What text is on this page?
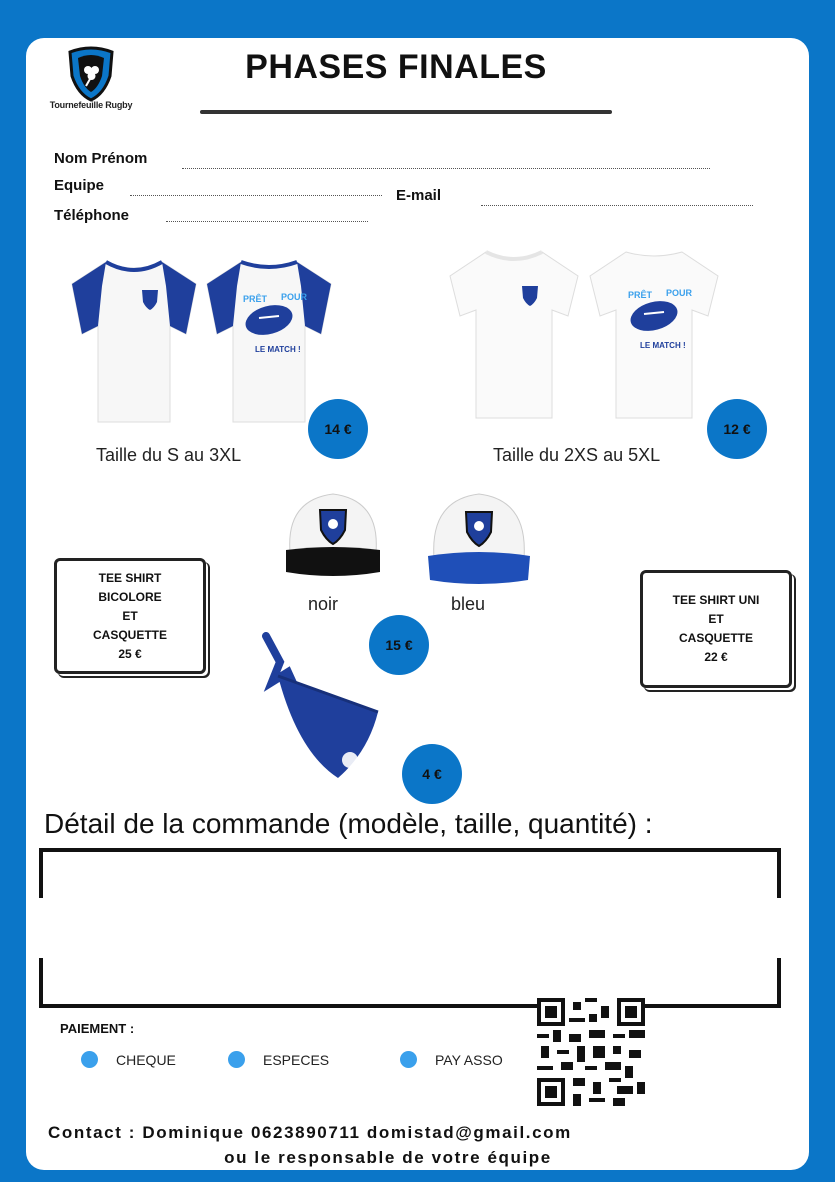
Tournefeuille Rugby
PHASES FINALES
Nom Prénom
Equipe
E-mail
Téléphone
PRÊT POUR
LE MATCH !
14 €
Taille du S au 3XL
PRÊT POUR
LE MATCH !
12 €
Taille du 2XS au 5XL
noir	bleu
15 €
TEE SHIRT
BICOLORE
ET
CASQUETTE
25 €
TEE SHIRT UNI
ET
CASQUETTE
22 €
4 €
Détail de la commande (modèle, taille, quantité) :
PAIEMENT :
CHEQUE	ESPECES	PAY ASSO
Contact : Dominique 0623890711 domistad@gmail.com
ou le responsable de votre équipe
